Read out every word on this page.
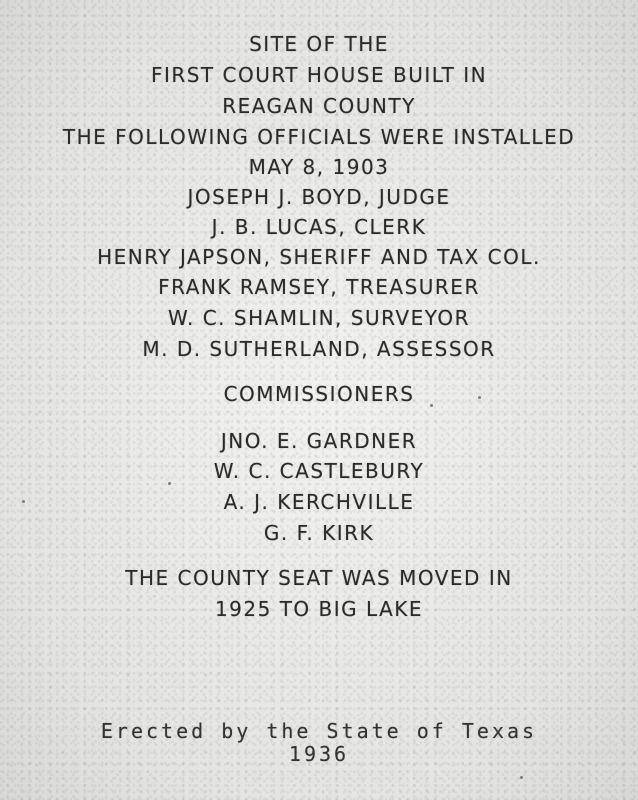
SITE OF THE
FIRST COURT HOUSE BUILT IN
REAGAN COUNTY
THE FOLLOWING OFFICIALS WERE INSTALLED
MAY 8, 1903
JOSEPH J. BOYD, JUDGE
J. B. LUCAS, CLERK
HENRY JAPSON, SHERIFF AND TAX COL.
FRANK RAMSEY, TREASURER
W. C. SHAMLIN, SURVEYOR
M. D. SUTHERLAND, ASSESSOR
COMMISSIONERS
JNO. E. GARDNER
W. C. CASTLEBURY
A. J. KERCHVILLE
G. F. KIRK
THE COUNTY SEAT WAS MOVED IN
1925 TO BIG LAKE
Erected by the State of Texas
1936
